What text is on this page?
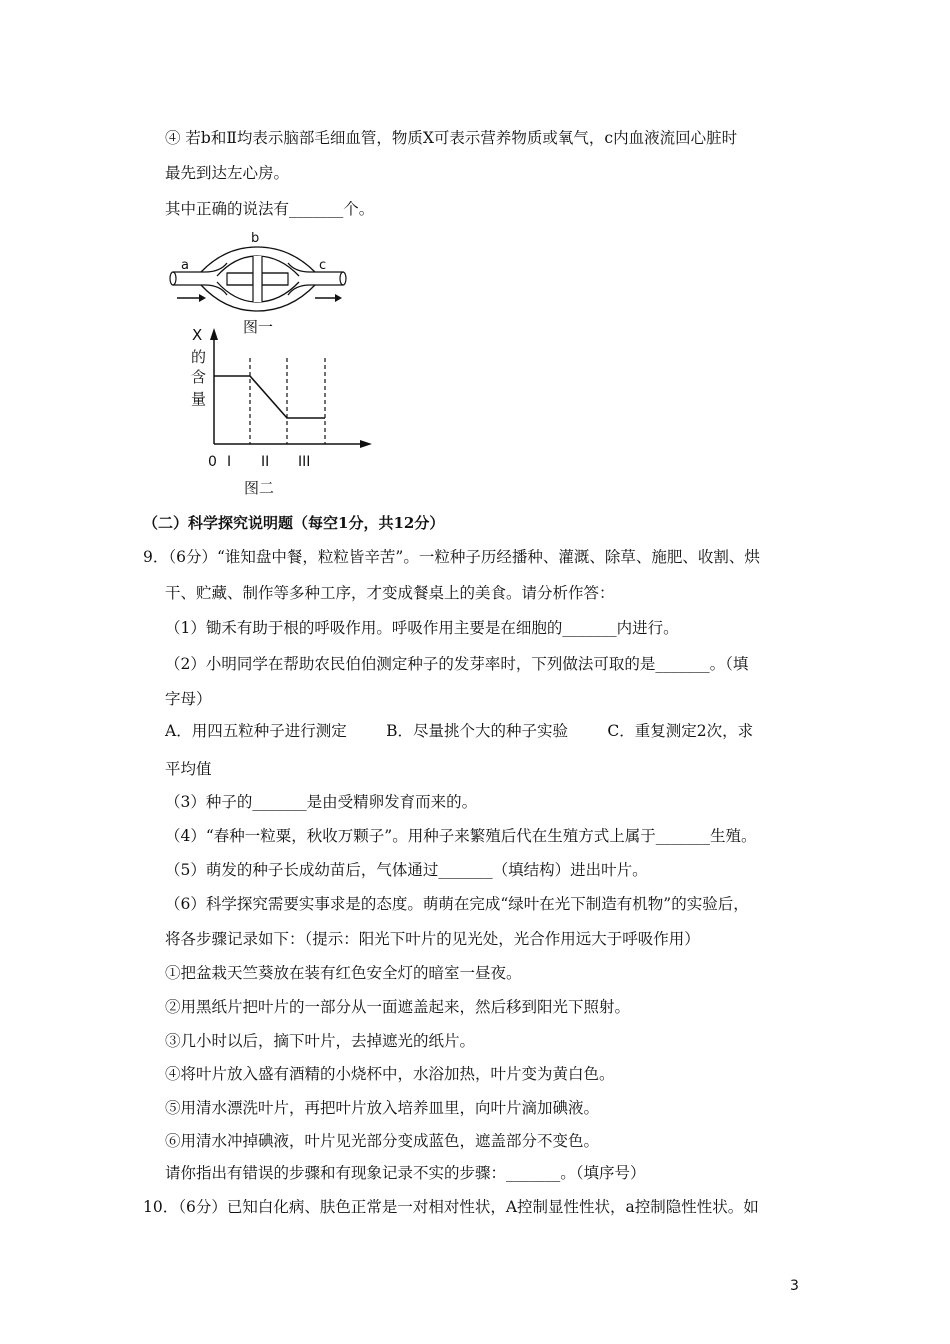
④ 若b和Ⅱ均表示脑部毛细血管，物质X可表示营养物质或氧气，c内血液流回心脏时
最先到达左心房。
其中正确的说法有_______个。
a
b
c
图一
X
的
含
量
0 I II III
图二
（二）科学探究说明题（每空1分，共12分）
9．（6分）“谁知盘中餐，粒粒皆辛苦”。一粒种子历经播种、灌溉、除草、施肥、收割、烘
干、贮藏、制作等多种工序，才变成餐桌上的美食。请分析作答：
（1）锄禾有助于根的呼吸作用。呼吸作用主要是在细胞的_______内进行。
（2）小明同学在帮助农民伯伯测定种子的发芽率时，下列做法可取的是_______。（填
字母）
A．用四五粒种子进行测定        B．尽量挑个大的种子实验        C．重复测定2次，求
平均值
（3）种子的_______是由受精卵发育而来的。
（4）“春种一粒粟，秋收万颗子”。用种子来繁殖后代在生殖方式上属于_______生殖。
（5）萌发的种子长成幼苗后，气体通过_______（填结构）进出叶片。
（6）科学探究需要实事求是的态度。萌萌在完成“绿叶在光下制造有机物”的实验后，
将各步骤记录如下：（提示：阳光下叶片的见光处，光合作用远大于呼吸作用）
①把盆栽天竺葵放在装有红色安全灯的暗室一昼夜。
②用黑纸片把叶片的一部分从一面遮盖起来，然后移到阳光下照射。
③几小时以后，摘下叶片，去掉遮光的纸片。
④将叶片放入盛有酒精的小烧杯中，水浴加热，叶片变为黄白色。
⑤用清水漂洗叶片，再把叶片放入培养皿里，向叶片滴加碘液。
⑥用清水冲掉碘液，叶片见光部分变成蓝色，遮盖部分不变色。
请你指出有错误的步骤和有现象记录不实的步骤：_______。（填序号）
10．（6分）已知白化病、肤色正常是一对相对性状，A控制显性性状，a控制隐性性状。如
3
